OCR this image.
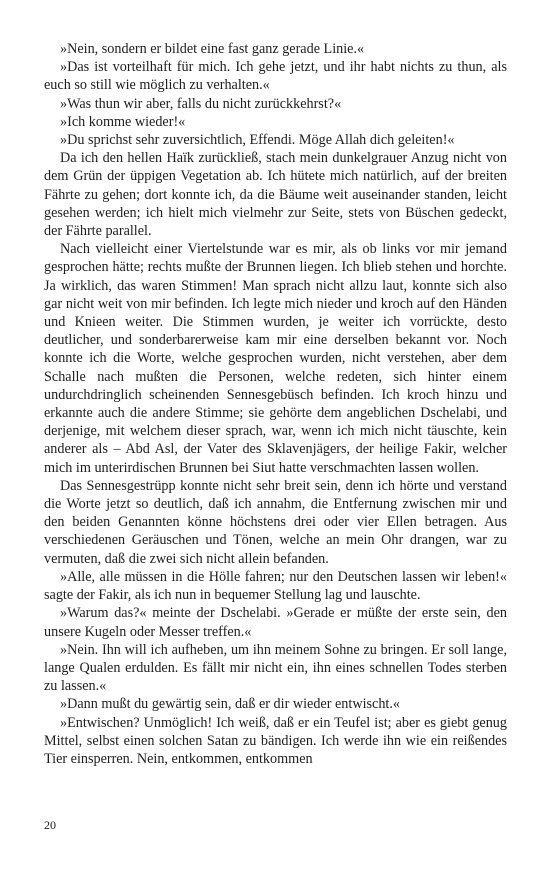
»Nein, sondern er bildet eine fast ganz gerade Linie.«

»Das ist vorteilhaft für mich. Ich gehe jetzt, und ihr habt nichts zu thun, als euch so still wie möglich zu verhalten.«

»Was thun wir aber, falls du nicht zurückkehrst?«

»Ich komme wieder!«

»Du sprichst sehr zuversichtlich, Effendi. Möge Allah dich geleiten!«

Da ich den hellen Haïk zurückließ, stach mein dunkelgrauer Anzug nicht von dem Grün der üppigen Vegetation ab. Ich hütete mich natürlich, auf der breiten Fährte zu gehen; dort konnte ich, da die Bäume weit auseinander standen, leicht gesehen werden; ich hielt mich vielmehr zur Seite, stets von Büschen gedeckt, der Fährte parallel.

Nach vielleicht einer Viertelstunde war es mir, als ob links vor mir jemand gesprochen hätte; rechts mußte der Brunnen liegen. Ich blieb stehen und horchte. Ja wirklich, das waren Stimmen! Man sprach nicht allzu laut, konnte sich also gar nicht weit von mir befinden. Ich legte mich nieder und kroch auf den Händen und Knieen weiter. Die Stimmen wurden, je weiter ich vorrückte, desto deutlicher, und sonderbarerweise kam mir eine derselben bekannt vor. Noch konnte ich die Worte, welche gesprochen wurden, nicht verstehen, aber dem Schalle nach mußten die Personen, welche redeten, sich hinter einem undurchdringlich scheinenden Sennesgebüsch befinden. Ich kroch hinzu und erkannte auch die andere Stimme; sie gehörte dem angeblichen Dschelabi, und derjenige, mit welchem dieser sprach, war, wenn ich mich nicht täuschte, kein anderer als – Abd Asl, der Vater des Sklavenjägers, der heilige Fakir, welcher mich im unterirdischen Brunnen bei Siut hatte verschmachten lassen wollen.

Das Sennesgestrüpp konnte nicht sehr breit sein, denn ich hörte und verstand die Worte jetzt so deutlich, daß ich annahm, die Entfernung zwischen mir und den beiden Genannten könne höchstens drei oder vier Ellen betragen. Aus verschiedenen Geräuschen und Tönen, welche an mein Ohr drangen, war zu vermuten, daß die zwei sich nicht allein befanden.

»Alle, alle müssen in die Hölle fahren; nur den Deutschen lassen wir leben!« sagte der Fakir, als ich nun in bequemer Stellung lag und lauschte.

»Warum das?« meinte der Dschelabi. »Gerade er müßte der erste sein, den unsere Kugeln oder Messer treffen.«

»Nein. Ihn will ich aufheben, um ihn meinem Sohne zu bringen. Er soll lange, lange Qualen erdulden. Es fällt mir nicht ein, ihn eines schnellen Todes sterben zu lassen.«

»Dann mußt du gewärtig sein, daß er dir wieder entwischt.«

»Entwischen? Unmöglich! Ich weiß, daß er ein Teufel ist; aber es giebt genug Mittel, selbst einen solchen Satan zu bändigen. Ich werde ihn wie ein reißendes Tier einsperren. Nein, entkommen, entkommen

20
